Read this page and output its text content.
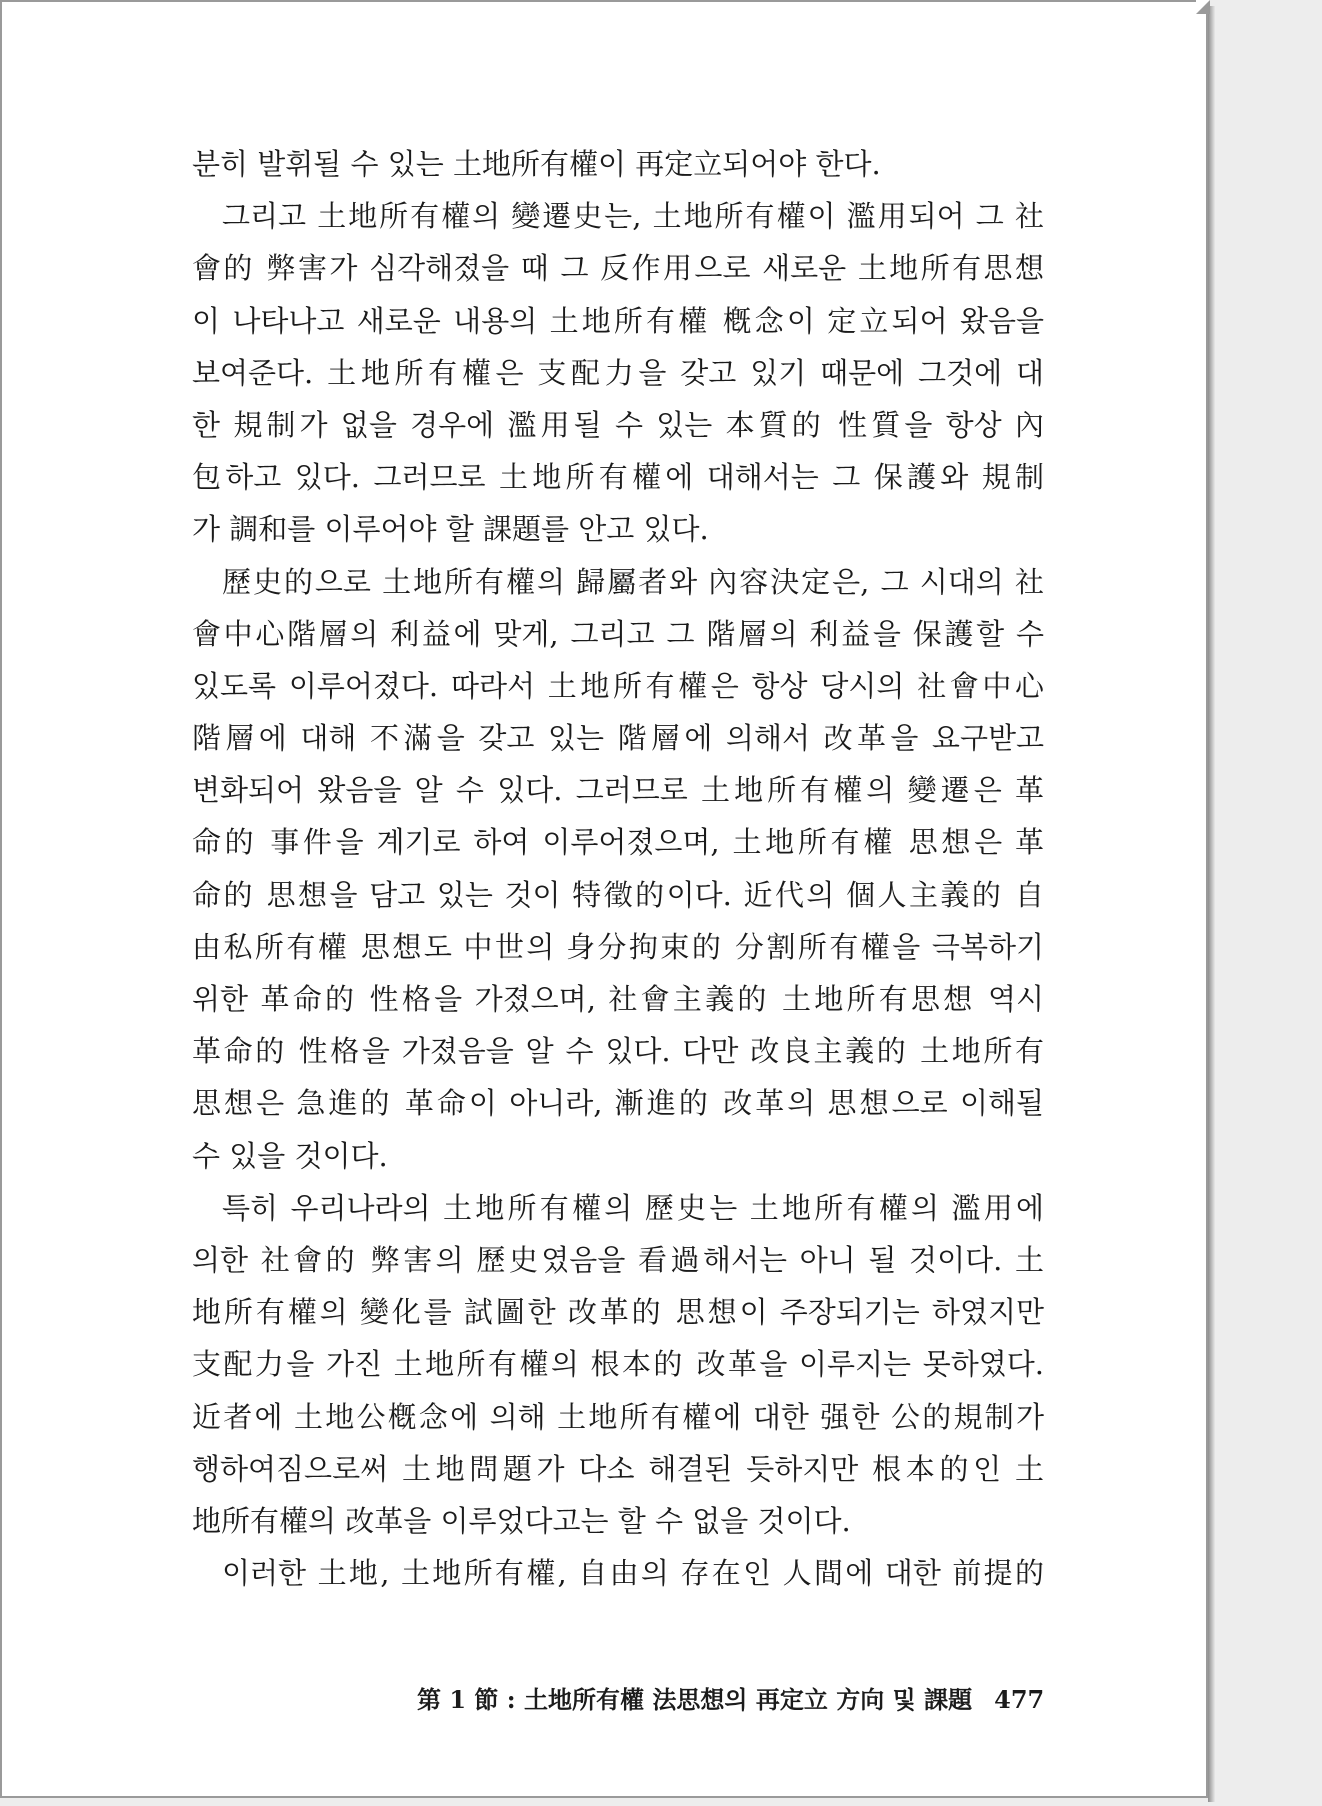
분히 발휘될 수 있는 土地所有權이 再定立되어야 한다.
그리고 土地所有權의 變遷史는, 土地所有權이 濫用되어 그 社
會的 弊害가 심각해졌을 때 그 反作用으로 새로운 土地所有思想
이 나타나고 새로운 내용의 土地所有權 槪念이 定立되어 왔음을
보여준다. 土地所有權은 支配力을 갖고 있기 때문에 그것에 대
한 規制가 없을 경우에 濫用될 수 있는 本質的 性質을 항상 內
包하고 있다. 그러므로 土地所有權에 대해서는 그 保護와 規制
가 調和를 이루어야 할 課題를 안고 있다.
歷史的으로 土地所有權의 歸屬者와 內容決定은, 그 시대의 社
會中心階層의 利益에 맞게, 그리고 그 階層의 利益을 保護할 수
있도록 이루어졌다. 따라서 土地所有權은 항상 당시의 社會中心
階層에 대해 不滿을 갖고 있는 階層에 의해서 改革을 요구받고
변화되어 왔음을 알 수 있다. 그러므로 土地所有權의 變遷은 革
命的 事件을 계기로 하여 이루어졌으며, 土地所有權 思想은 革
命的 思想을 담고 있는 것이 特徵的이다. 近代의 個人主義的 自
由私所有權 思想도 中世의 身分拘束的 分割所有權을 극복하기
위한 革命的 性格을 가졌으며, 社會主義的 土地所有思想 역시
革命的 性格을 가졌음을 알 수 있다. 다만 改良主義的 土地所有
思想은 急進的 革命이 아니라, 漸進的 改革의 思想으로 이해될
수 있을 것이다.
특히 우리나라의 土地所有權의 歷史는 土地所有權의 濫用에
의한 社會的 弊害의 歷史였음을 看過해서는 아니 될 것이다. 土
地所有權의 變化를 試圖한 改革的 思想이 주장되기는 하였지만
支配力을 가진 土地所有權의 根本的 改革을 이루지는 못하였다.
近者에 土地公槪念에 의해 土地所有權에 대한 强한 公的規制가
행하여짐으로써 土地問題가 다소 해결된 듯하지만 根本的인 土
地所有權의 改革을 이루었다고는 할 수 없을 것이다.
이러한 土地, 土地所有權, 自由의 存在인 人間에 대한 前提的
第 1 節 : 土地所有權 法思想의 再定立 方向 및 課題 477
